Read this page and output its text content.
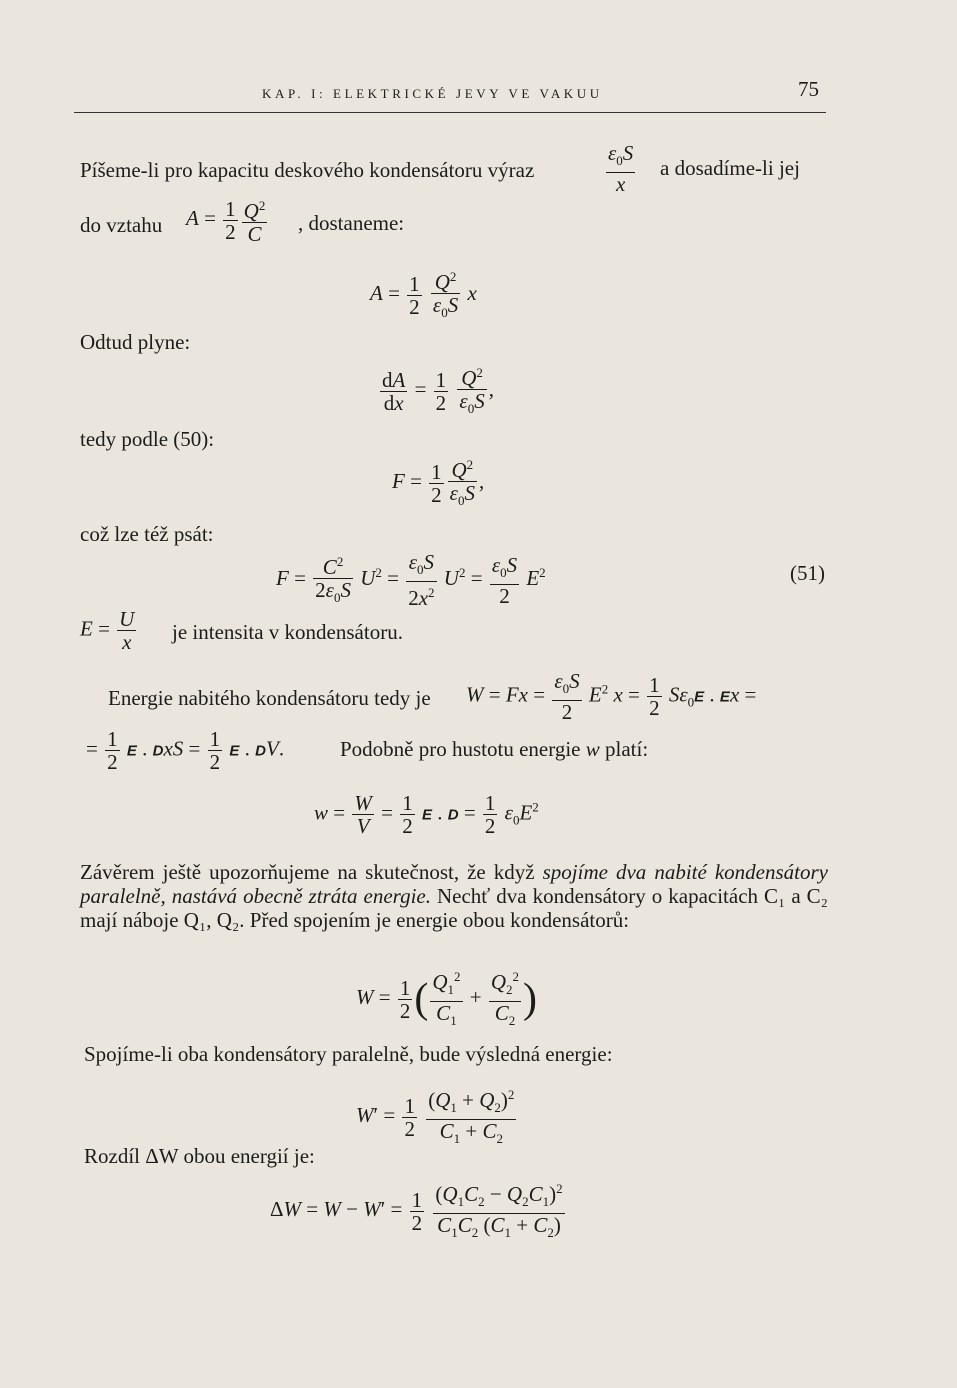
KAP. I: ELEKTRICKÉ JEVY VE VAKUU	75
Píšeme-li pro kapacitu deskového kondensátoru výraz	$\frac{\varepsilon_0S}{x}$ a dosadíme-li jej
do vztahu $A = \frac{1}{2} \frac{Q^2}{C}$ , dostaneme:
$A = \frac{1}{2}$
$\frac{Q^2}{\varepsilon_0S}$ x
Odtud plyne:
$\frac{dA}{dx} = \frac{1}{2}$
$\frac{Q^2}{\varepsilon_0S}$ ,
tedy podle (50):
$F = \frac{1}{2} \frac{Q^2}{\varepsilon_0S}$ ,
což lze též psát:
$F = \frac{C^2}{2\varepsilon_0S} U^2 = \frac{\varepsilon_0S}{2x^2} U^2 = \frac{\varepsilon_0S}{2} E^2$	(51)
$E = \frac{U}{x}$ je intensita v kondensátoru.
Energie nabitého kondensátoru tedy je $W = Fx = \frac{\varepsilon_0S}{2} E^2$ $x = \frac{1}{2} S\varepsilon_0E$ . Ex =
= $\frac{1}{2}$ E . DxS = $\frac{1}{2}$ E . DV.	Podobně pro hustotu energie w platí:
$w = \frac{W}{V} = \frac{1}{2}$ E . $D = \frac{1}{2} \varepsilon_0E^2$
Závěrem ještě upozorňujeme na skutečnost, že když spojíme dva nabité kondensátory paralelně, nastává obecně ztráta energie. Nechť dva kondensátory o kapacitách C₁ a C₂ mají náboje Q₁, Q₂. Před spojením je energie obou kondensátorů:
$W = \frac{1}{2}$ ( $\frac{Q_1^2}{C_1} + \frac{Q_2^2}{C_2}$ )
Spojíme-li oba kondensátory paralelně, bude výsledná energie:
$W' = \frac{1}{2}$
$\frac{(Q_1 + Q_2)^2}{C_1 + C_2}$
Rozdíl ΔW obou energií je:
$\Delta W = W - W' = \frac{1}{2}$
$\frac{(Q_1C_2 - Q_2C_1)^2}{C_1C_2 (C_1 + C_2)}$
